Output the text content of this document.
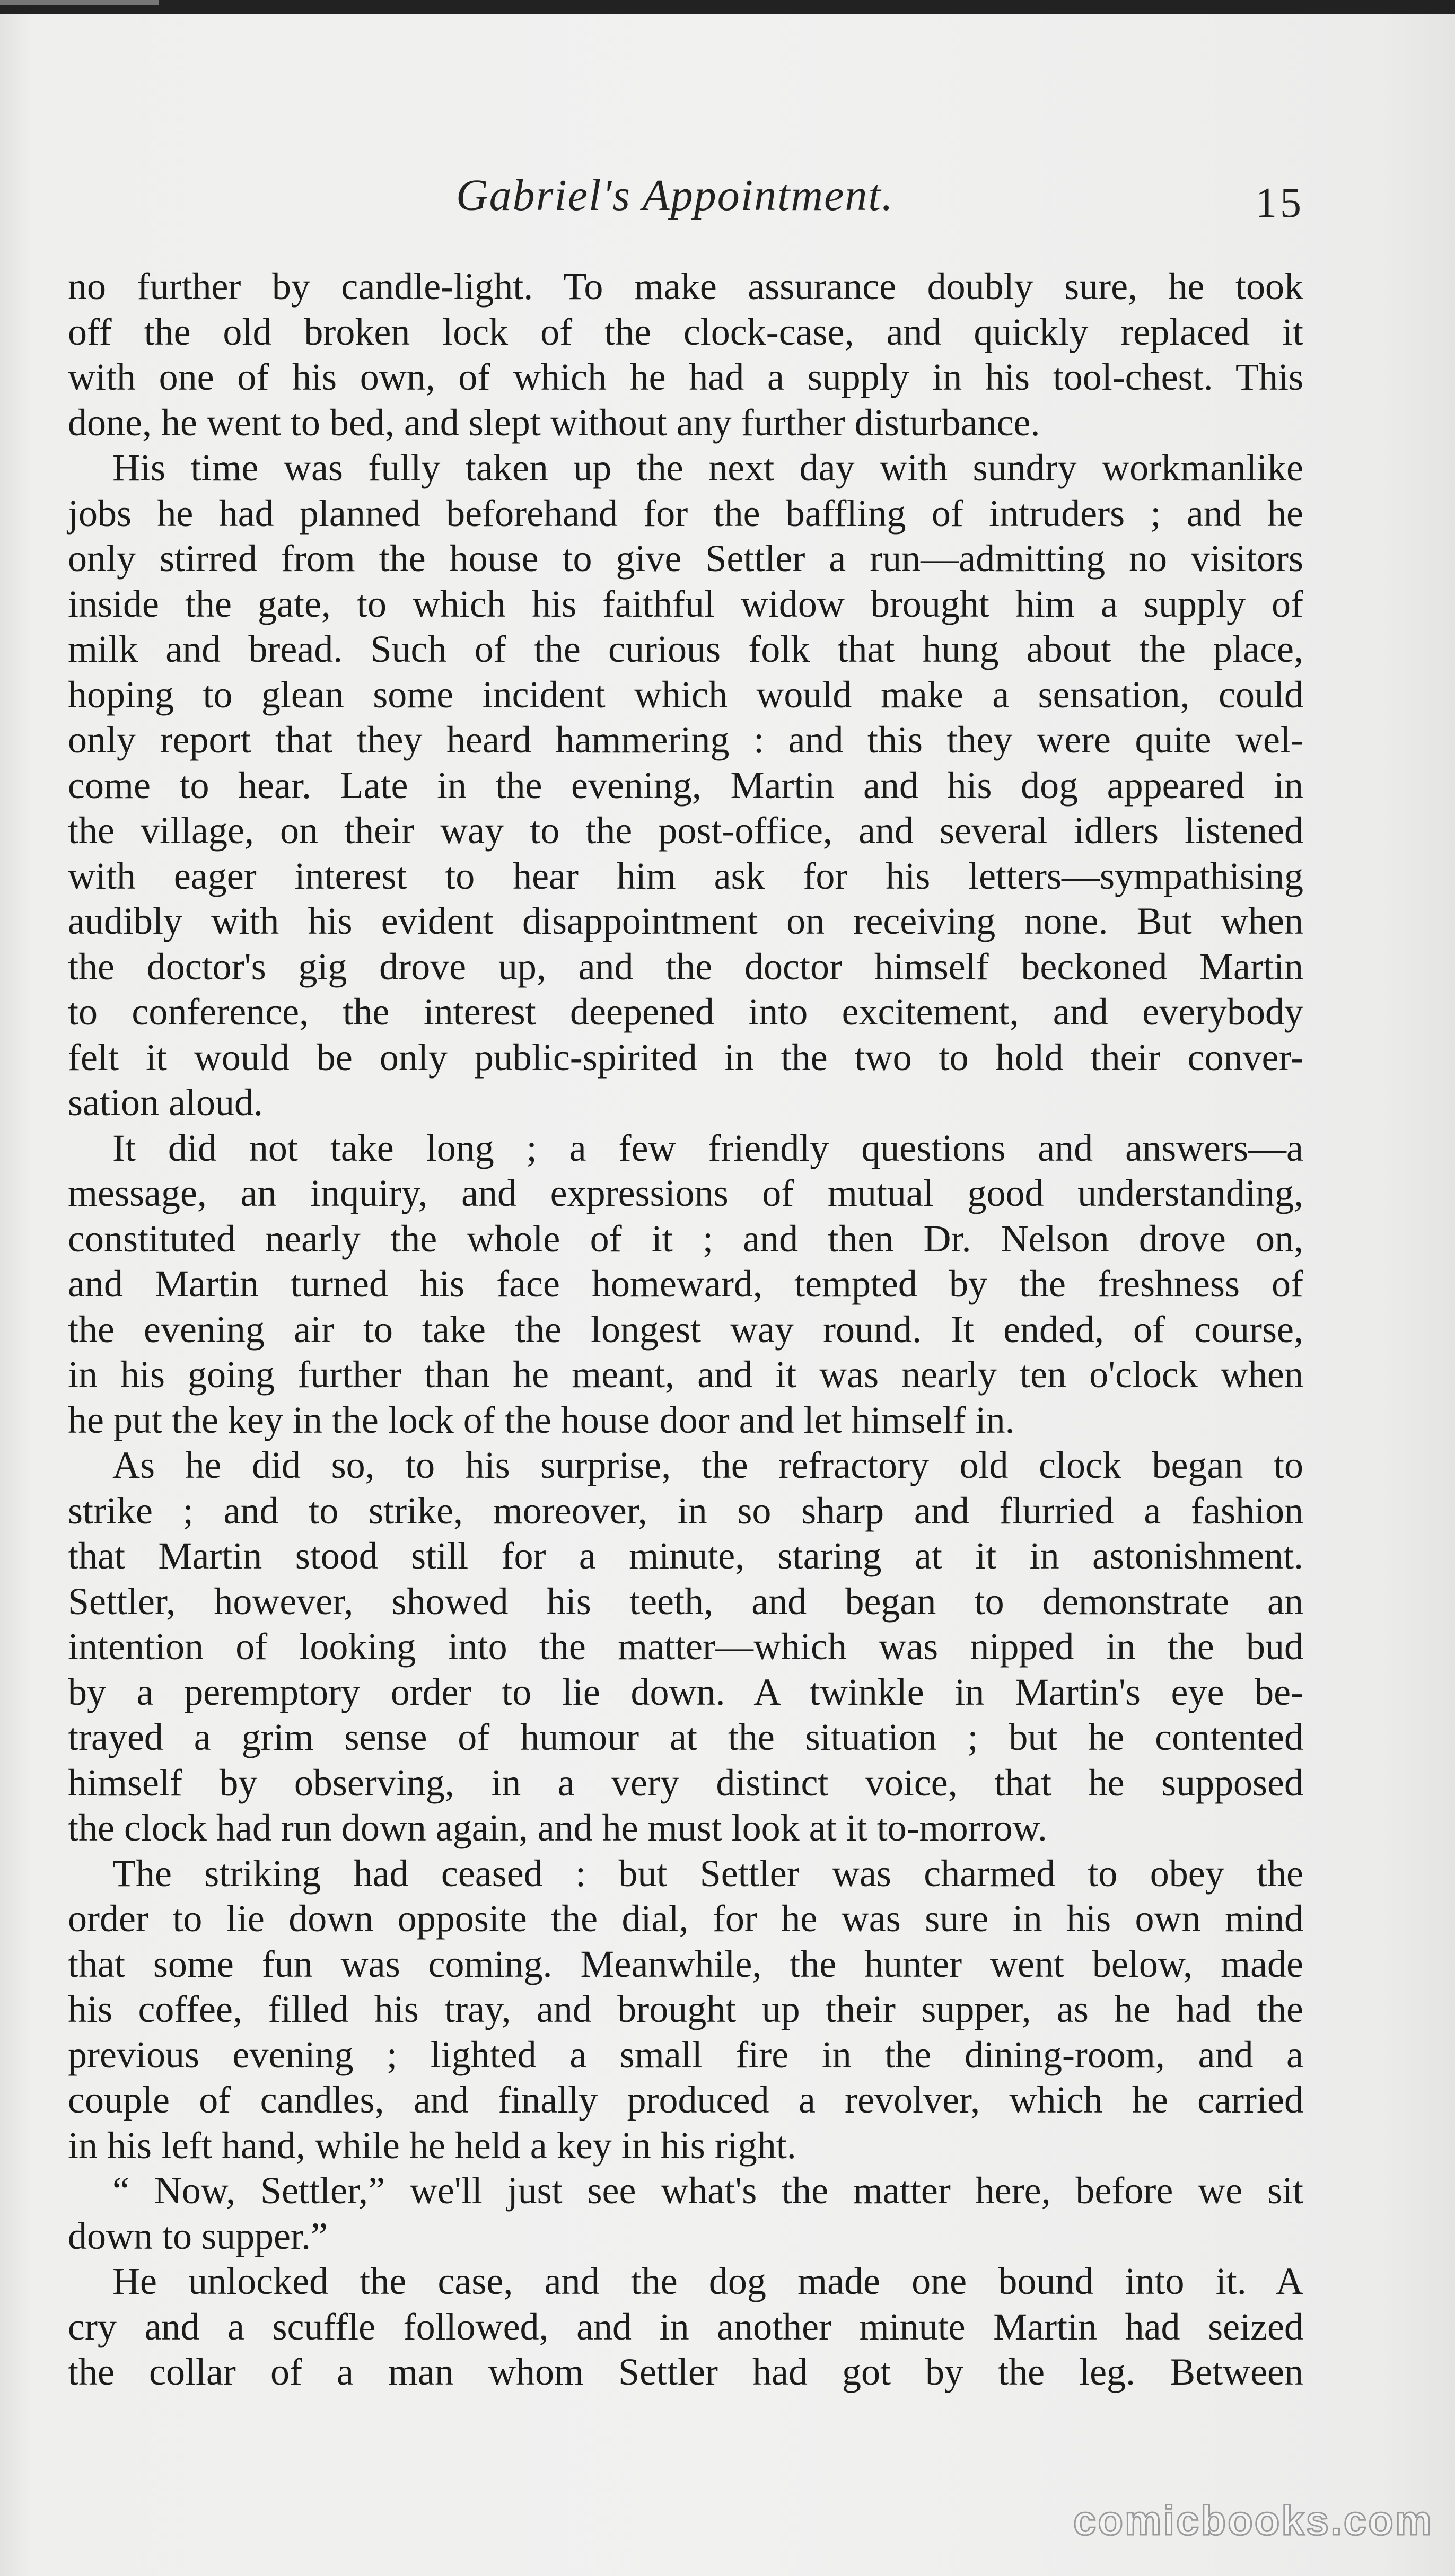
Gabriel's Appointment.	15
no further by candle-light. To make assurance doubly sure, he took
off the old broken lock of the clock-case, and quickly replaced it
with one of his own, of which he had a supply in his tool-chest. This
done, he went to bed, and slept without any further disturbance.
His time was fully taken up the next day with sundry workmanlike
jobs he had planned beforehand for the baffling of intruders ; and he
only stirred from the house to give Settler a run—admitting no visitors
inside the gate, to which his faithful widow brought him a supply of
milk and bread. Such of the curious folk that hung about the place,
hoping to glean some incident which would make a sensation, could
only report that they heard hammering : and this they were quite wel-
come to hear. Late in the evening, Martin and his dog appeared in
the village, on their way to the post-office, and several idlers listened
with eager interest to hear him ask for his letters—sympathising
audibly with his evident disappointment on receiving none. But when
the doctor's gig drove up, and the doctor himself beckoned Martin
to conference, the interest deepened into excitement, and everybody
felt it would be only public-spirited in the two to hold their conver-
sation aloud.
It did not take long ; a few friendly questions and answers—a
message, an inquiry, and expressions of mutual good understanding,
constituted nearly the whole of it ; and then Dr. Nelson drove on,
and Martin turned his face homeward, tempted by the freshness of
the evening air to take the longest way round. It ended, of course,
in his going further than he meant, and it was nearly ten o'clock when
he put the key in the lock of the house door and let himself in.
As he did so, to his surprise, the refractory old clock began to
strike ; and to strike, moreover, in so sharp and flurried a fashion
that Martin stood still for a minute, staring at it in astonishment.
Settler, however, showed his teeth, and began to demonstrate an
intention of looking into the matter—which was nipped in the bud
by a peremptory order to lie down. A twinkle in Martin's eye be-
trayed a grim sense of humour at the situation ; but he contented
himself by observing, in a very distinct voice, that he supposed
the clock had run down again, and he must look at it to-morrow.
The striking had ceased : but Settler was charmed to obey the
order to lie down opposite the dial, for he was sure in his own mind
that some fun was coming. Meanwhile, the hunter went below, made
his coffee, filled his tray, and brought up their supper, as he had the
previous evening ; lighted a small fire in the dining-room, and a
couple of candles, and finally produced a revolver, which he carried
in his left hand, while he held a key in his right.
“ Now, Settler,” we'll just see what's the matter here, before we sit
down to supper.”
He unlocked the case, and the dog made one bound into it. A
cry and a scuffle followed, and in another minute Martin had seized
the collar of a man whom Settler had got by the leg. Between
comicbooks.com
